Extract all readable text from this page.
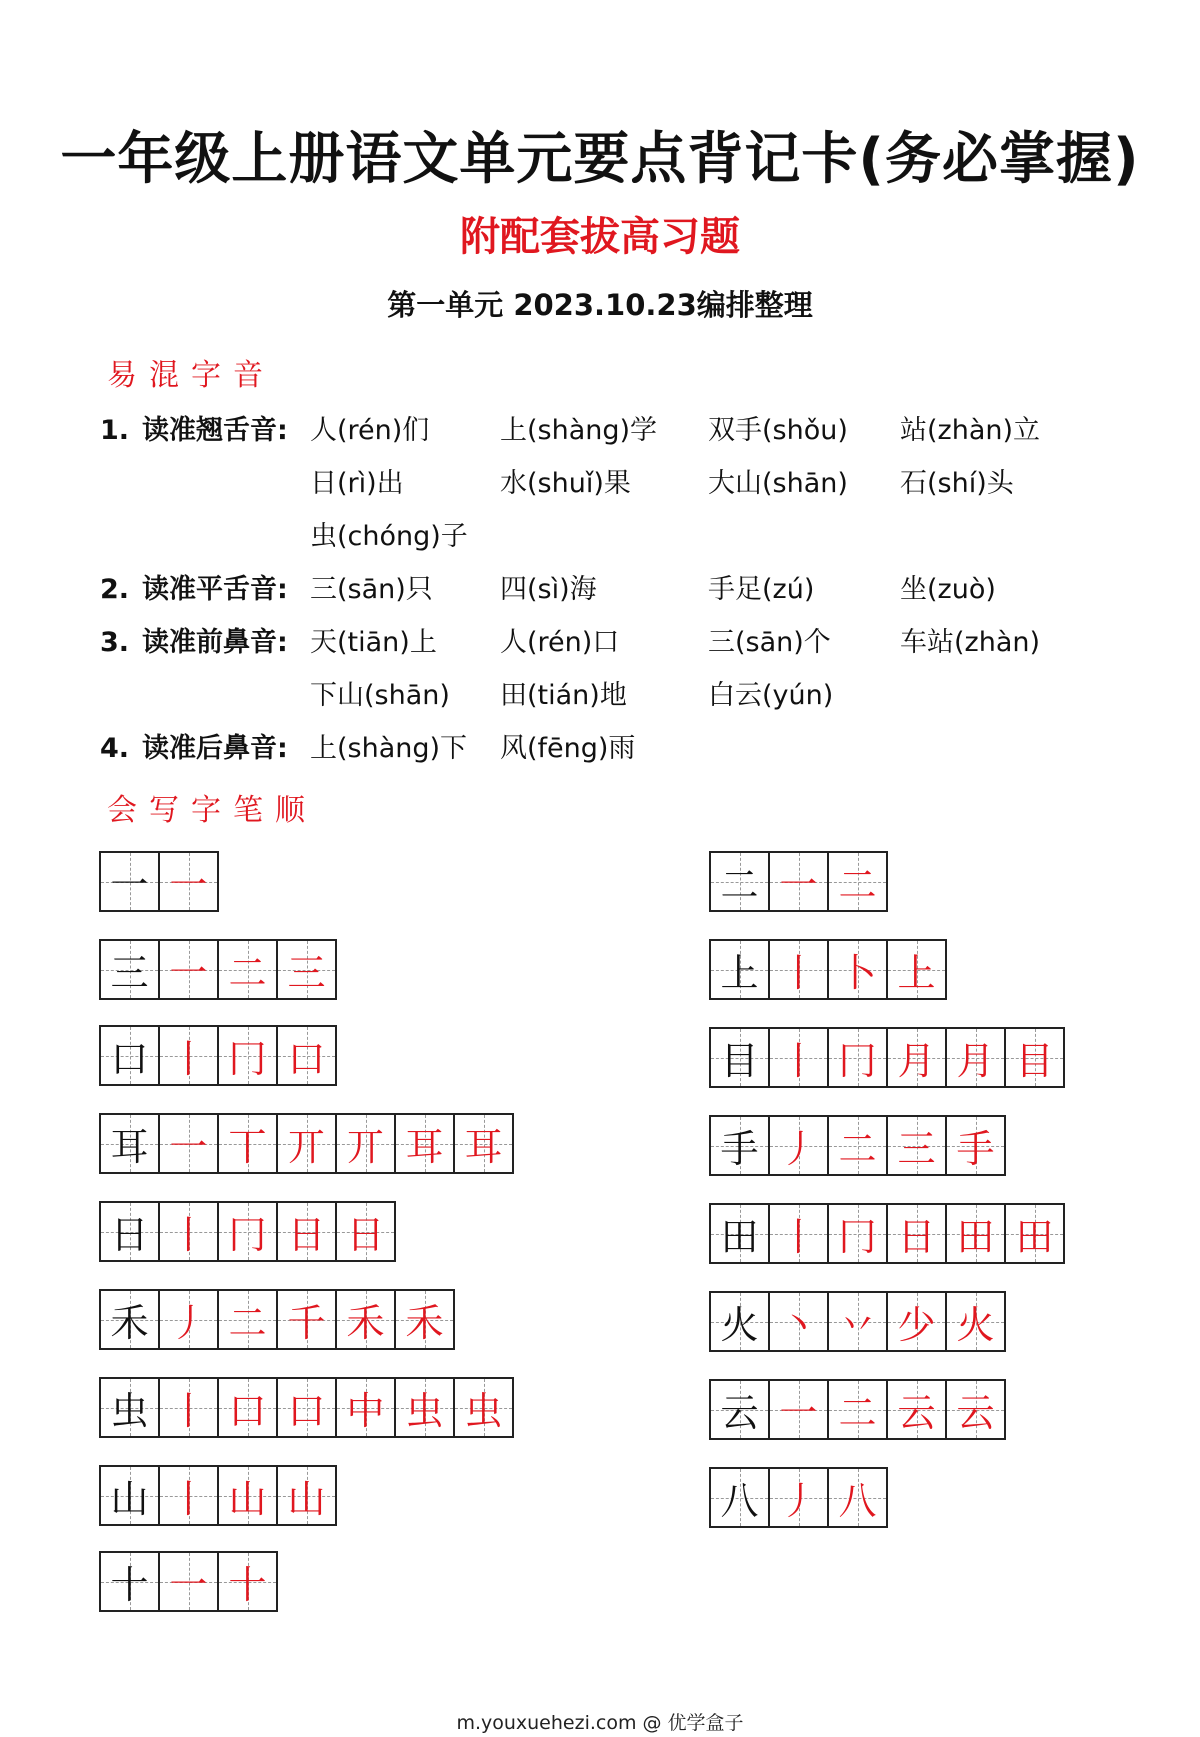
一年级上册语文单元要点背记卡(务必掌握)
附配套拔高习题
第一单元 2023.10.23编排整理
易混字音
1. 读准翘舌音: 人(rén)们	上(shàng)学 双手(shǒu) 站(zhàn)立
日(rì)出	水(shuǐ)果	大山(shān) 石(shí)头
虫(chóng)子
2. 读准平舌音: 三(sān)只 四(sì)海	手足(zú)	坐(zuò)
3. 读准前鼻音: 天(tiān)上 人(rén)口	三(sān)个	车站(zhàn)
下山(shān) 田(tián)地	白云(yún)
4. 读准后鼻音: 上(shàng)下 风(fēng)雨
会写字笔顺
一 一
三 一 二 三
口 丨 冂 口
耳 一 丅 丌 丌 耳 耳
日 丨 冂 日 日
禾 丿 二 千 禾 禾
虫 丨 口 口 中 虫 虫
山 丨 山 山
十 一 十
二 一 二
上 丨 卜 上
目 丨 冂 月 月 目
手 丿 二 三 手
田 丨 冂 日 田 田
火 丶 丷 少 火
云 一 二 云 云
八 丿 八
m.youxuehezi.com @ 优学盒子
